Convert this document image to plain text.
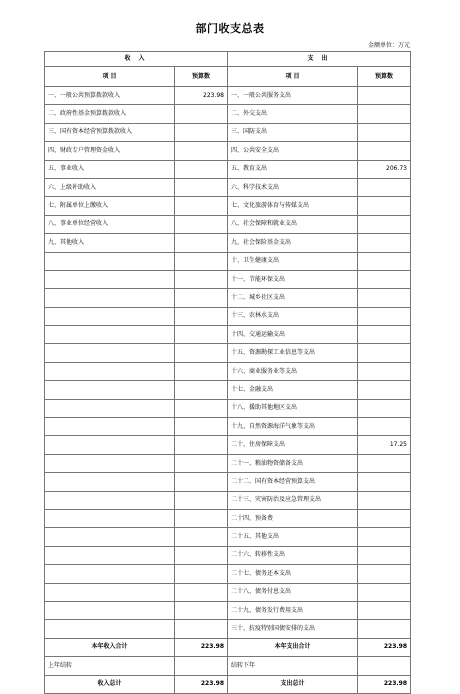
部门收支总表
金额单位：万元
收 入		支 出	
项 目	预算数	项 目	预算数
一、一般公共预算拨款收入	223.98	一、一般公共服务支出	
二、政府性基金预算拨款收入		二、外交支出	
三、国有资本经营预算拨款收入		三、国防支出	
四、财政专户管理资金收入		四、公共安全支出	
五、事业收入		五、教育支出	206.73
六、上级补助收入		六、科学技术支出	
七、附属单位上缴收入		七、文化旅游体育与传媒支出	
八、事业单位经营收入		八、社会保障和就业支出	
九、其他收入		九、社会保险基金支出	
		十、卫生健康支出	
		十一、节能环保支出	
		十二、城乡社区支出	
		十三、农林水支出	
		十四、交通运输支出	
		十五、资源勘探工业信息等支出	
		十六、商业服务业等支出	
		十七、金融支出	
		十八、援助其他地区支出	
		十九、自然资源海洋气象等支出	
		二十、住房保障支出	17.25
		二十一、粮油物资储备支出	
		二十二、国有资本经营预算支出	
		二十三、灾害防治及应急管理支出	
		二十四、预备费	
		二十五、其他支出	
		二十六、转移性支出	
		二十七、债务还本支出	
		二十八、债务付息支出	
		二十九、债务发行费用支出	
		三十、抗疫特别国债安排的支出	
本年收入合计	223.98	本年支出合计	223.98
上年结转		结转下年	
收入总计	223.98	支出总计	223.98
